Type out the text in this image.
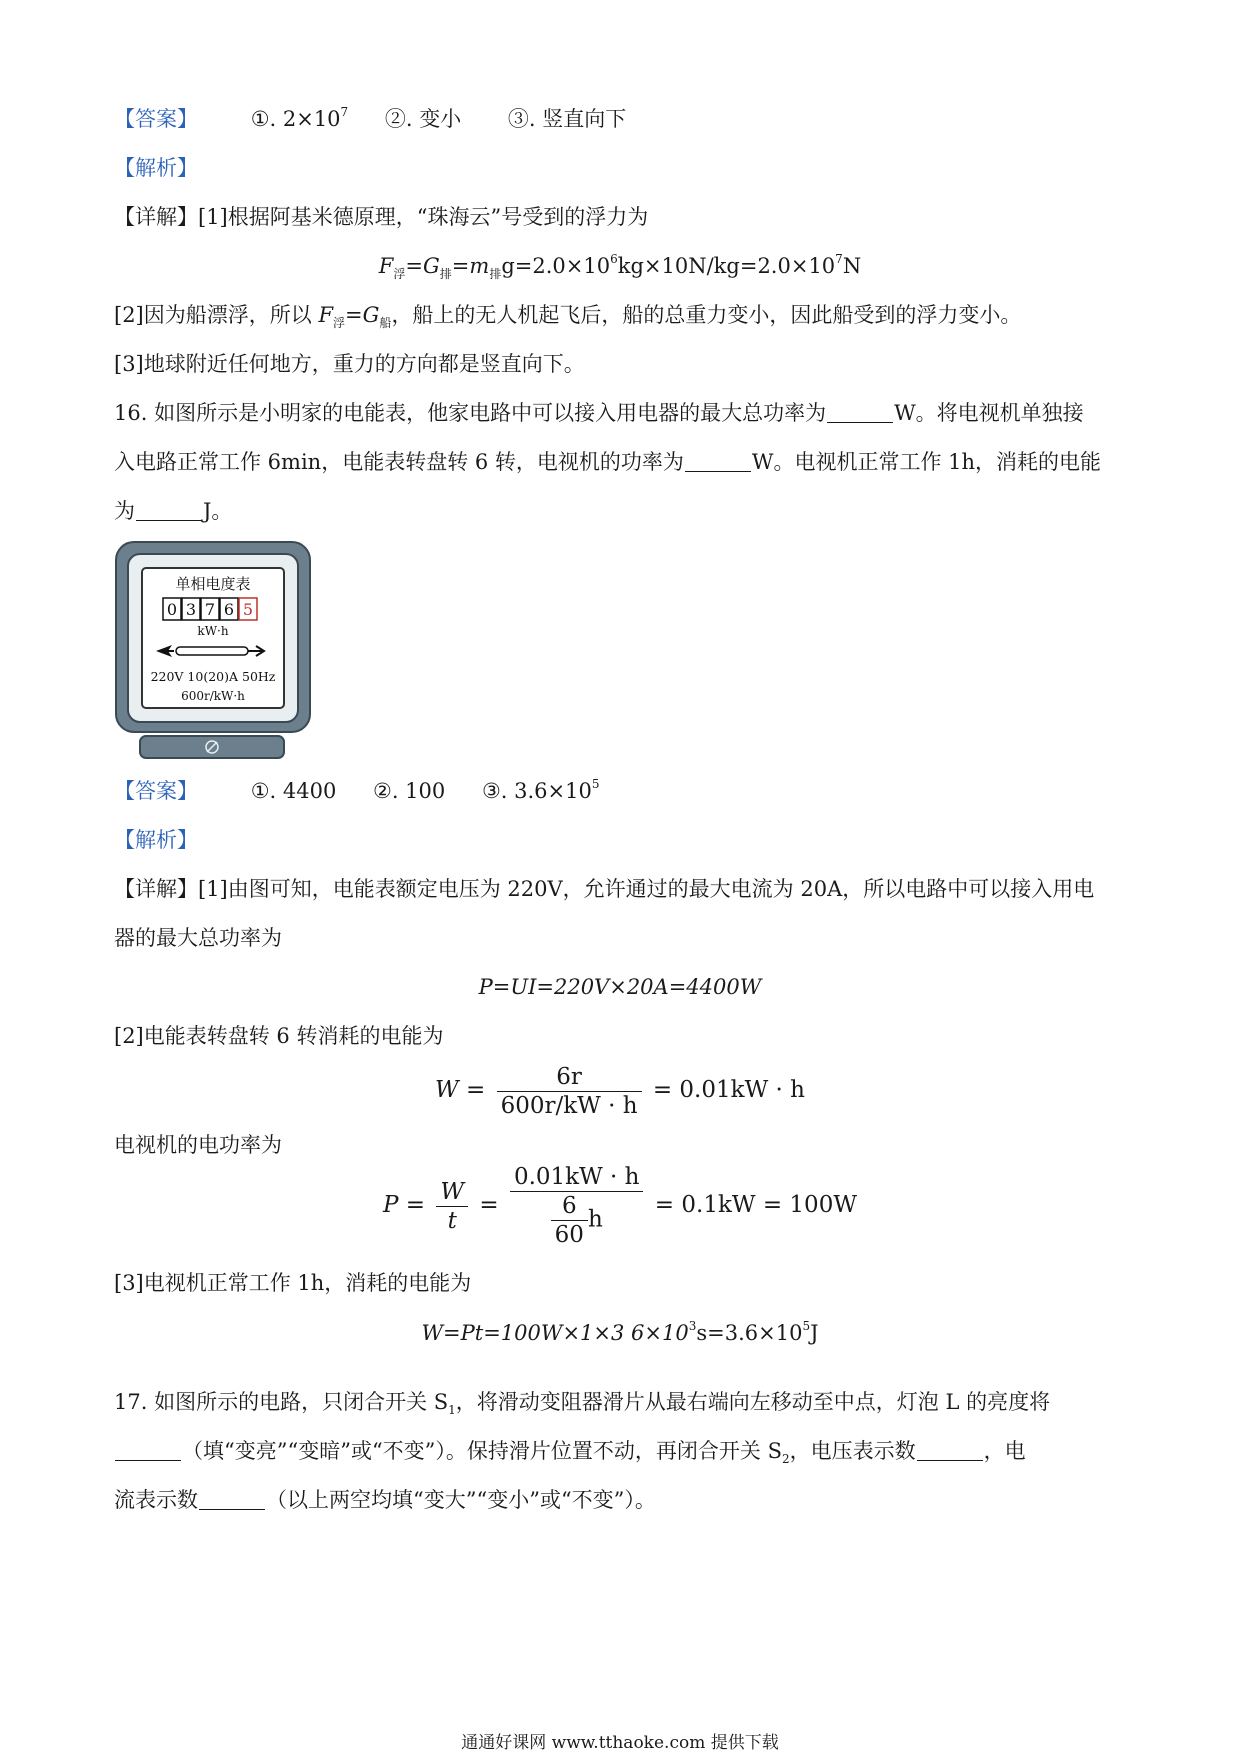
【答案】	①. $2\times 10^7$ ②. 变小 ③. 竖直向下
【解析】
【详解】[1]根据阿基米德原理，“珠海云”号受到的浮力为
$F_浮=G_排=m_排g=2.0\times 10^6kg\times 10N/kg=2.0\times 10^7N$
[2]因为船漂浮，所以 $F_浮=G_船$，船上的无人机起飞后，船的总重力变小，因此船受到的浮力变小。
[3]地球附近任何地方，重力的方向都是竖直向下。
16. 如图所示是小明家的电能表，他家电路中可以接入用电器的最大总功率为	W。将电视机单独接
入电路正常工作 6min，电能表转盘转 6 转，电视机的功率为	W。电视机正常工作 1h，消耗的电能
为	J。
单相电度表
0 3 7 6 5
kW·h
220V 10(20)A 50Hz
600r/kW·h
【答案】	①. 4400 ②. 100 ③. $3.6\times 10^5$
【解析】
【详解】[1]由图可知，电能表额定电压为 220V，允许通过的最大电流为 20A，所以电路中可以接入用电
器的最大总功率为
P=UI=220V×20A=4400W
[2]电能表转盘转 6 转消耗的电能为
$W = \frac{6r}{600r/kW \cdot h} = 0.01kW \cdot h$
电视机的电功率为
$P = \frac{W}{t} = \frac{0.01kW \cdot h}{\frac{6}{60} h} = 0.1kW = 100W$
[3]电视机正常工作 1h，消耗的电能为
W=Pt=100W×1×3 $6\times 10^3s=3.6\times 10^5J$
17. 如图所示的电路，只闭合开关 $S_1$，将滑动变阻器滑片从最右端向左移动至中点，灯泡 L 的亮度将
（填“变亮”“变暗”或“不变”）。保持滑片位置不动，再闭合开关 $S_2$，电压表示数	，电
流表示数	（以上两空均填“变大”“变小”或“不变”）。
通通好课网 www.tthaoke.com 提供下载
